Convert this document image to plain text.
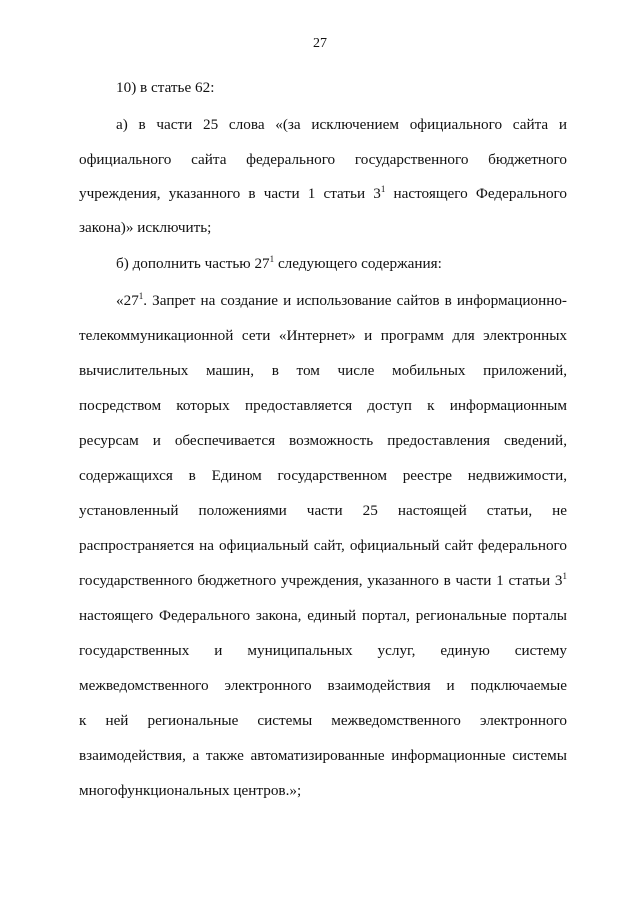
27
10) в статье 62:
а) в части 25 слова «(за исключением официального сайта и
официального сайта федерального государственного бюджетного
учреждения, указанного в части 1 статьи $3^1$ настоящего Федерального
закона)» исключить;
б) дополнить частью $27^1$ следующего содержания:
«$27^1$. Запрет на создание и использование сайтов в информационно-
телекоммуникационной сети «Интернет» и программ для электронных
вычислительных машин, в том числе мобильных приложений,
посредством которых предоставляется доступ к информационным
ресурсам и обеспечивается возможность предоставления сведений,
содержащихся в Едином государственном реестре недвижимости,
установленный положениями части 25 настоящей статьи, не
распространяется на официальный сайт, официальный сайт федерального
государственного бюджетного учреждения, указанного в части 1 статьи $3^1$
настоящего Федерального закона, единый портал, региональные порталы
государственных и муниципальных услуг, единую систему
межведомственного электронного взаимодействия и подключаемые
к ней региональные системы межведомственного электронного
взаимодействия, а также автоматизированные информационные системы
многофункциональных центров.»;
